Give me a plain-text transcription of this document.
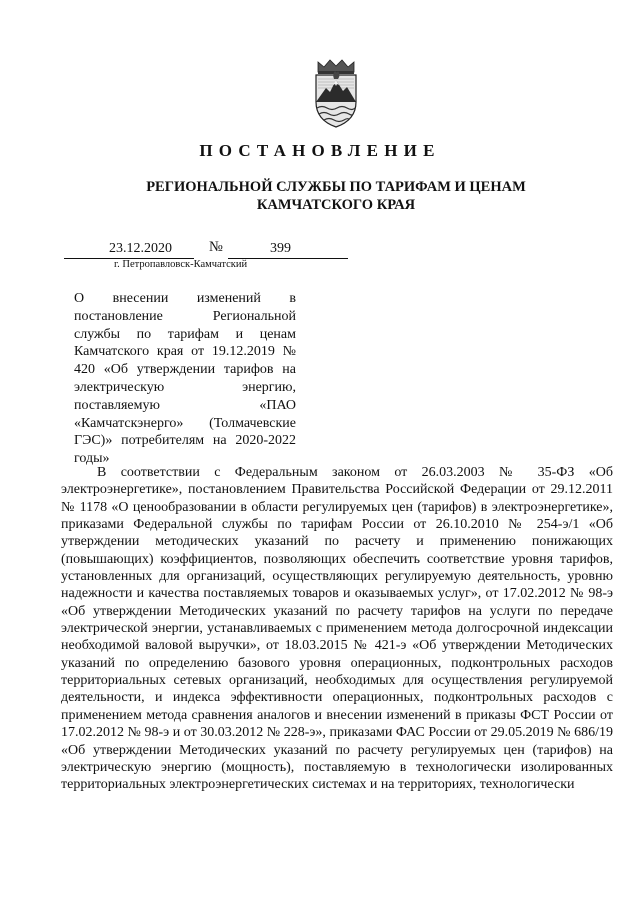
ПОСТАНОВЛЕНИЕ
РЕГИОНАЛЬНОЙ СЛУЖБЫ ПО ТАРИФАМ И ЦЕНАМ
КАМЧАТСКОГО КРАЯ
23.12.2020	№	399
г. Петропавловск-Камчатский
О внесении изменений в постановление Региональной службы по тарифам и ценам Камчатского края от 19.12.2019 № 420 «Об утверждении тарифов на электрическую энергию, поставляемую «ПАО «Камчатскэнерго» (Толмачевские ГЭС)» потребителям на 2020-2022 годы»
В соответствии с Федеральным законом от 26.03.2003 № 35-ФЗ «Об электроэнергетике», постановлением Правительства Российской Федерации от 29.12.2011 № 1178 «О ценообразовании в области регулируемых цен (тарифов) в электроэнергетике», приказами Федеральной службы по тарифам России от 26.10.2010 № 254-э/1 «Об утверждении методических указаний по расчету и применению понижающих (повышающих) коэффициентов, позволяющих обеспечить соответствие уровня тарифов, установленных для организаций, осуществляющих регулируемую деятельность, уровню надежности и качества поставляемых товаров и оказываемых услуг», от 17.02.2012 № 98-э «Об утверждении Методических указаний по расчету тарифов на услуги по передаче электрической энергии, устанавливаемых с применением метода долгосрочной индексации необходимой валовой выручки», от 18.03.2015 № 421-э «Об утверждении Методических указаний по определению базового уровня операционных, подконтрольных расходов территориальных сетевых организаций, необходимых для осуществления регулируемой деятельности, и индекса эффективности операционных, подконтрольных расходов с применением метода сравнения аналогов и внесении изменений в приказы ФСТ России от 17.02.2012 № 98-э и от 30.03.2012 № 228-э», приказами ФАС России от 29.05.2019 № 686/19 «Об утверждении Методических указаний по расчету регулируемых цен (тарифов) на электрическую энергию (мощность), поставляемую в технологически изолированных территориальных электроэнергетических системах и на территориях, технологически
